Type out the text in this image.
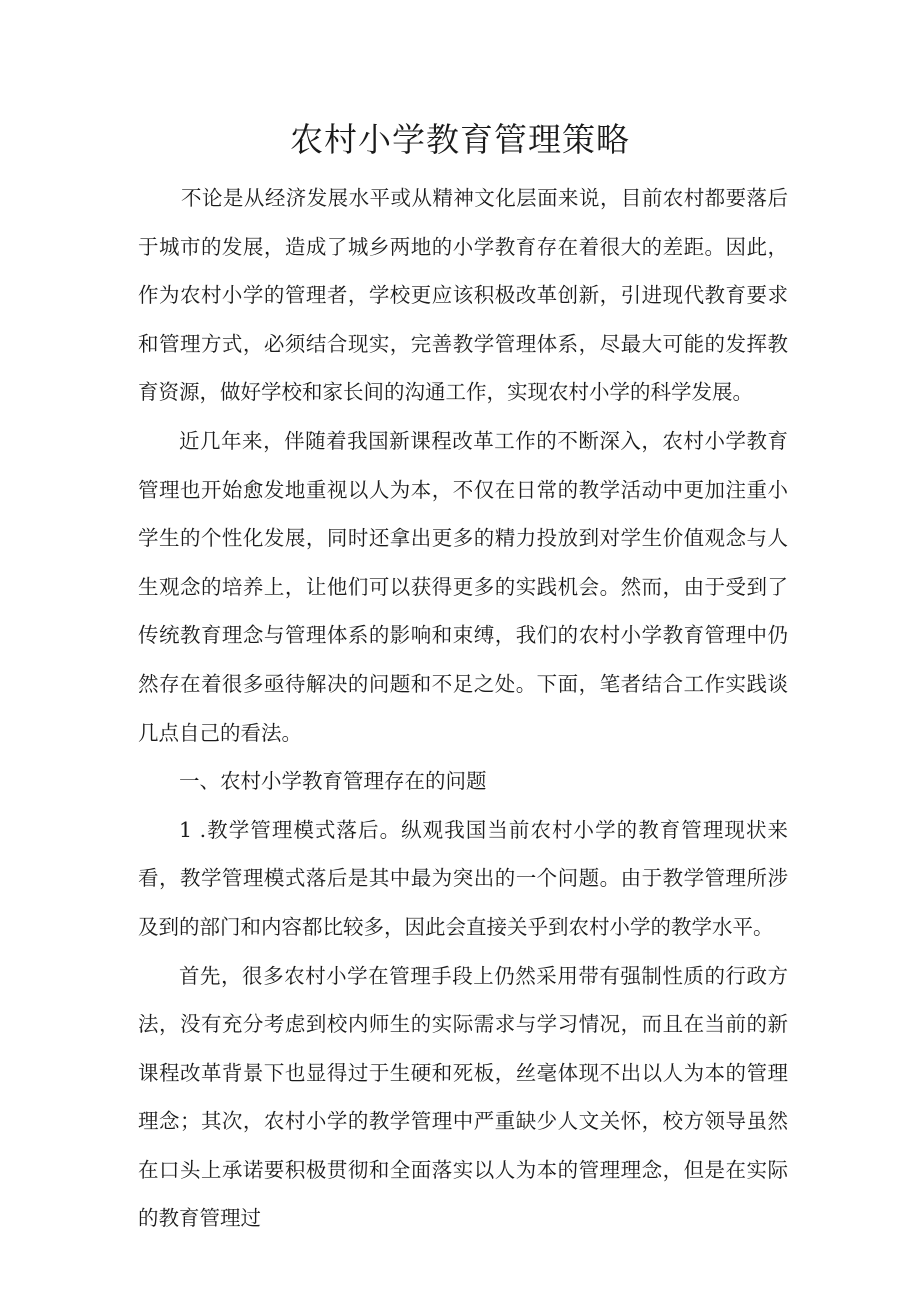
农村小学教育管理策略

不论是从经济发展水平或从精神文化层面来说，目前农村都要落后于城市的发展，造成了城乡两地的小学教育存在着很大的差距。因此，作为农村小学的管理者，学校更应该积极改革创新，引进现代教育要求和管理方式，必须结合现实，完善教学管理体系，尽最大可能的发挥教育资源，做好学校和家长间的沟通工作，实现农村小学的科学发展。

近几年来，伴随着我国新课程改革工作的不断深入，农村小学教育管理也开始愈发地重视以人为本，不仅在日常的教学活动中更加注重小学生的个性化发展，同时还拿出更多的精力投放到对学生价值观念与人生观念的培养上，让他们可以获得更多的实践机会。然而，由于受到了传统教育理念与管理体系的影响和束缚，我们的农村小学教育管理中仍然存在着很多亟待解决的问题和不足之处。下面，笔者结合工作实践谈几点自己的看法。

一、农村小学教育管理存在的问题

1 .教学管理模式落后。纵观我国当前农村小学的教育管理现状来看，教学管理模式落后是其中最为突出的一个问题。由于教学管理所涉及到的部门和内容都比较多，因此会直接关乎到农村小学的教学水平。

首先，很多农村小学在管理手段上仍然采用带有强制性质的行政方法，没有充分考虑到校内师生的实际需求与学习情况，而且在当前的新课程改革背景下也显得过于生硬和死板，丝毫体现不出以人为本的管理理念；其次，农村小学的教学管理中严重缺少人文关怀，校方领导虽然在口头上承诺要积极贯彻和全面落实以人为本的管理理念，但是在实际的教育管理过
